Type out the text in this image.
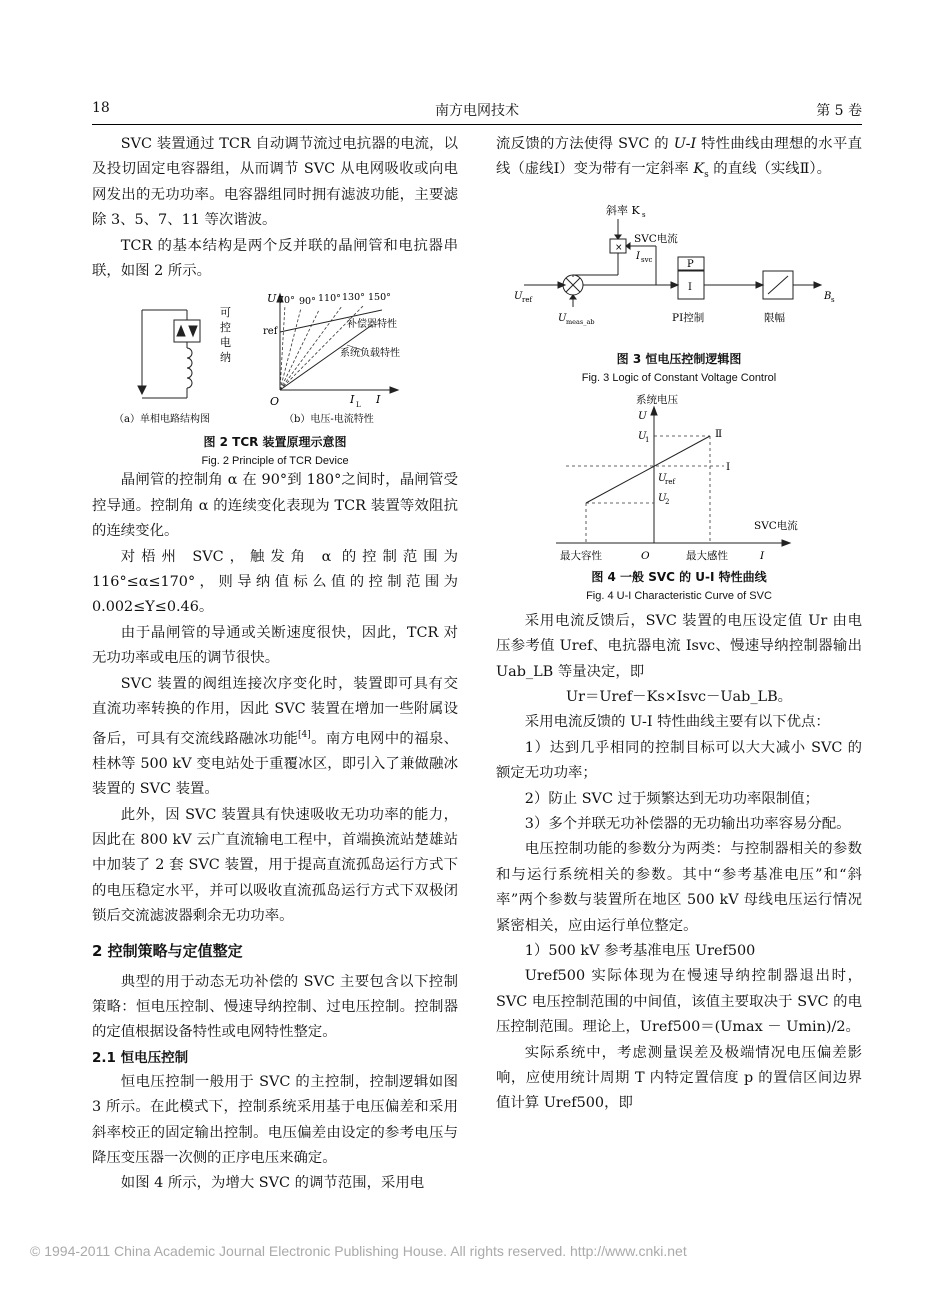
18	南方电网技术	第 5 卷

SVC 装置通过 TCR 自动调节流过电抗器的电流，以及投切固定电容器组，从而调节 SVC 从电网吸收或向电网发出的无功功率。电容器组同时拥有滤波功能，主要滤除 3、5、7、11 等次谐波。

TCR 的基本结构是两个反并联的晶闸管和电抗器串联，如图 2 所示。

可
控
电
纳
U
ref
O	I L I
70° 90° 110° 130° 150°
补偿器特性
系统负载特性
（a）单相电路结构图	（b）电压-电流特性

图 2 TCR 装置原理示意图

Fig. 2 Principle of TCR Device

晶闸管的控制角 α 在 90°到 180°之间时，晶闸管受控导通。控制角 α 的连续变化表现为 TCR 装置等效阻抗的连续变化。

对梧州 SVC，触发角 α 的控制范围为 116°≤α≤170°，则导纳值标么值的控制范围为 0.002≤Y≤0.46。

由于晶闸管的导通或关断速度很快，因此，TCR 对无功功率或电压的调节很快。

SVC 装置的阀组连接次序变化时，装置即可具有交直流功率转换的作用，因此 SVC 装置在增加一些附属设备后，可具有交流线路融冰功能[4]。南方电网中的福泉、桂林等 500 kV 变电站处于重覆冰区，即引入了兼做融冰装置的 SVC 装置。

此外，因 SVC 装置具有快速吸收无功功率的能力，因此在 800 kV 云广直流输电工程中，首端换流站楚雄站中加装了 2 套 SVC 装置，用于提高直流孤岛运行方式下的电压稳定水平，并可以吸收直流孤岛运行方式下双极闭锁后交流滤波器剩余无功功率。

2 控制策略与定值整定

典型的用于动态无功补偿的 SVC 主要包含以下控制策略：恒电压控制、慢速导纳控制、过电压控制。控制器的定值根据设备特性或电网特性整定。

2.1 恒电压控制

恒电压控制一般用于 SVC 的主控制，控制逻辑如图 3 所示。在此模式下，控制系统采用基于电压偏差和采用斜率校正的固定输出控制。电压偏差由设定的参考电压与降压变压器一次侧的正序电压来确定。

如图 4 所示，为增大 SVC 的调节范围，采用电

流反馈的方法使得 SVC 的 U-I 特性曲线由理想的水平直线（虚线Ⅰ）变为带有一定斜率 $K_s$ 的直线（实线Ⅱ）。

斜率 K s
×
SVC电流
I svc
U ref
U meas_ab
P
I
PI控制	限幅
B s

图 3 恒电压控制逻辑图

Fig. 3 Logic of Constant Voltage Control

系统电压
U
U
1
U
ref
U
2
Ⅱ
Ⅰ
SVC电流
最大容性	O	最大感性	I

图 4 一般 SVC 的 U-I 特性曲线

Fig. 4 U-I Characteristic Curve of SVC

采用电流反馈后，SVC 装置的电压设定值 Ur 由电压参考值 Uref、电抗器电流 Isvc、慢速导纳控制器输出 Uab_LB 等量决定，即

Ur＝Uref－Ks×Isvc－Uab_LB。

采用电流反馈的 U-I 特性曲线主要有以下优点：

1）达到几乎相同的控制目标可以大大减小 SVC 的额定无功功率；

2）防止 SVC 过于频繁达到无功功率限制值；

3）多个并联无功补偿器的无功输出功率容易分配。

电压控制功能的参数分为两类：与控制器相关的参数和与运行系统相关的参数。其中“参考基准电压”和“斜率”两个参数与装置所在地区 500 kV 母线电压运行情况紧密相关，应由运行单位整定。

1）500 kV 参考基准电压 Uref500

Uref500 实际体现为在慢速导纳控制器退出时，SVC 电压控制范围的中间值，该值主要取决于 SVC 的电压控制范围。理论上，Uref500＝(Umax － Umin)/2。

实际系统中，考虑测量误差及极端情况电压偏差影响，应使用统计周期 T 内特定置信度 p 的置信区间边界值计算 Uref500，即

© 1994-2011 China Academic Journal Electronic Publishing House. All rights reserved. http://www.cnki.net
